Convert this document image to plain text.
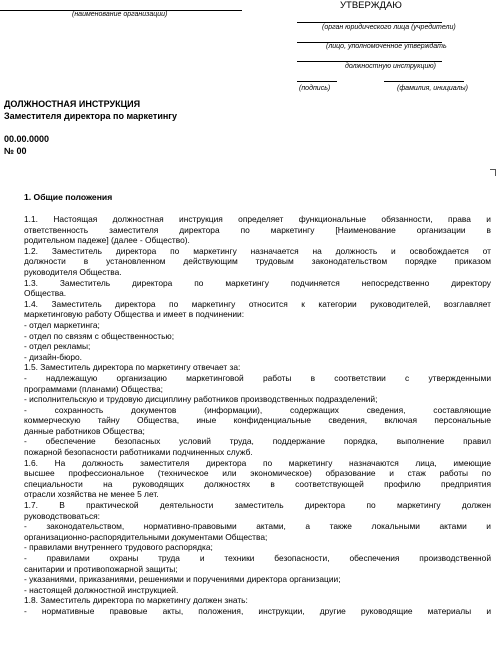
(наименование организации)
УТВЕРЖДАЮ
(орган юридического лица (учредители)
(лицо, уполномоченное утверждать
должностную инструкцию)
(подпись)	(фамилия, инициалы)
ДОЛЖНОСТНАЯ ИНСТРУКЦИЯ
Заместителя директора по маркетингу
00.00.0000
№ 00
1. Общие положения
1.1. Настоящая должностная инструкция определяет функциональные обязанности, права и
ответственность заместителя директора по маркетингу [Наименование организации в
родительном падеже] (далее - Общество).
1.2. Заместитель директора по маркетингу назначается на должность и освобождается от
должности в установленном действующим трудовым законодательством порядке приказом
руководителя Общества.
1.3. Заместитель директора по маркетингу подчиняется непосредственно директору
Общества.
1.4. Заместитель директора по маркетингу относится к категории руководителей, возглавляет
маркетинговую работу Общества и имеет в подчинении:
- отдел маркетинга;
- отдел по связям с общественностью;
- отдел рекламы;
- дизайн-бюро.
1.5. Заместитель директора по маркетингу отвечает за:
- надлежащую организацию маркетинговой работы в соответствии с утвержденными
программами (планами) Общества;
- исполнительскую и трудовую дисциплину работников производственных подразделений;
- сохранность документов (информации), содержащих сведения, составляющие
коммерческую тайну Общества, иные конфиденциальные сведения, включая персональные
данные работников Общества;
- обеспечение безопасных условий труда, поддержание порядка, выполнение правил
пожарной безопасности работниками подчиненных служб.
1.6. На должность заместителя директора по маркетингу назначаются лица, имеющие
высшее профессиональное (техническое или экономическое) образование и стаж работы по
специальности на руководящих должностях в соответствующей профилю предприятия
отрасли хозяйства не менее 5 лет.
1.7. В практической деятельности заместитель директора по маркетингу должен
руководствоваться:
- законодательством, нормативно-правовыми актами, а также локальными актами и
организационно-распорядительными документами Общества;
- правилами внутреннего трудового распорядка;
- правилами охраны труда и техники безопасности, обеспечения производственной
санитарии и противопожарной защиты;
- указаниями, приказаниями, решениями и поручениями директора организации;
- настоящей должностной инструкцией.
1.8. Заместитель директора по маркетингу должен знать:
- нормативные правовые акты, положения, инструкции, другие руководящие материалы и
